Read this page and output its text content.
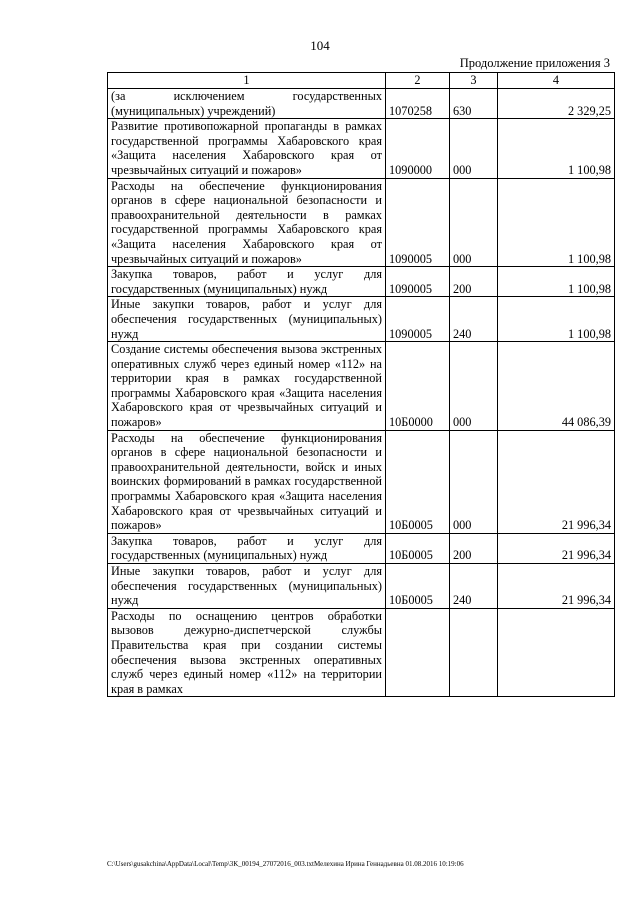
104
Продолжение приложения 3
1	2	3	4
(за исключением государственных (муниципальных) учреждений)	1070258	630	2 329,25
Развитие противопожарной пропаганды в рамках государственной программы Хабаровского края «Защита населения Хабаровского края от чрезвычайных ситуаций и пожаров»	1090000	000	1 100,98
Расходы на обеспечение функционирования органов в сфере национальной безопасности и правоохранительной деятельности в рамках государственной программы Хабаровского края «Защита населения Хабаровского края от чрезвычайных ситуаций и пожаров»	1090005	000	1 100,98
Закупка товаров, работ и услуг для государственных (муниципальных) нужд	1090005	200	1 100,98
Иные закупки товаров, работ и услуг для обеспечения государственных (муниципальных) нужд	1090005	240	1 100,98
Создание системы обеспечения вызова экстренных оперативных служб через единый номер «112» на территории края в рамках государственной программы Хабаровского края «Защита населения Хабаровского края от чрезвычайных ситуаций и пожаров»	10Б0000	000	44 086,39
Расходы на обеспечение функционирования органов в сфере национальной безопасности и правоохранительной деятельности, войск и иных воинских формирований в рамках государственной программы Хабаровского края «Защита населения Хабаровского края от чрезвычайных ситуаций и пожаров»	10Б0005	000	21 996,34
Закупка товаров, работ и услуг для государственных (муниципальных) нужд	10Б0005	200	21 996,34
Иные закупки товаров, работ и услуг для обеспечения государственных (муниципальных) нужд	10Б0005	240	21 996,34
Расходы по оснащению центров обработки вызовов дежурно-диспетчерской службы Правительства края при создании системы обеспечения вызова экстренных оперативных служб через единый номер «112» на территории края в рамках			
C:\Users\gusakchina\AppData\Local\Temp\3K_00194_27072016_003.txtМелехина Ирина Геннадьевна 01.08.2016 10:19:06
